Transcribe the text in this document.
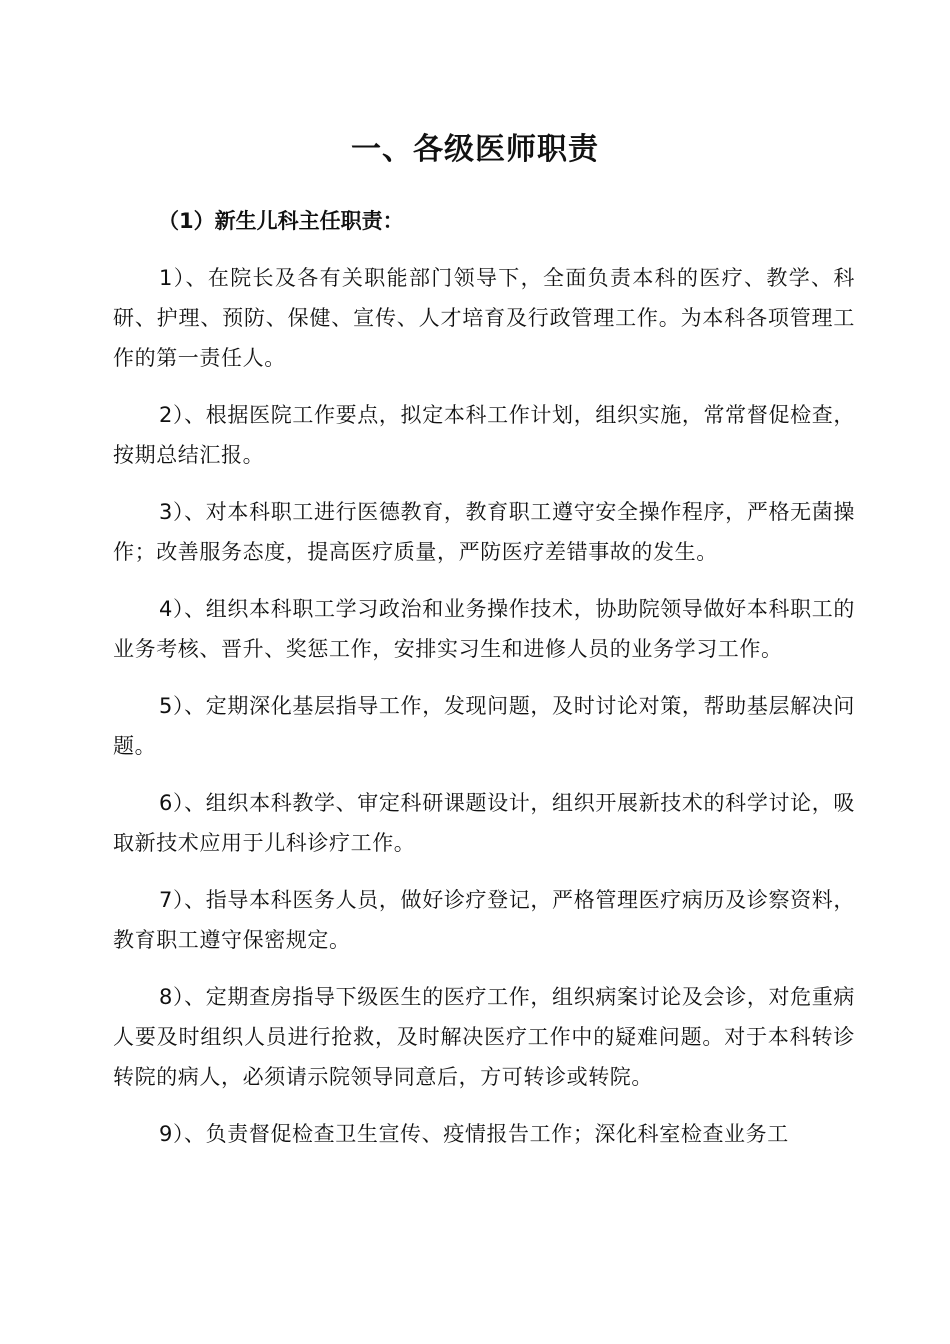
一、各级医师职责
（1）新生儿科主任职责：

1）、在院长及各有关职能部门领导下，全面负责本科的医疗、教学、科研、护理、预防、保健、宣传、人才培育及行政管理工作。为本科各项管理工作的第一责任人。

2）、根据医院工作要点，拟定本科工作计划，组织实施，常常督促检查，按期总结汇报。

3）、对本科职工进行医德教育，教育职工遵守安全操作程序，严格无菌操作；改善服务态度，提高医疗质量，严防医疗差错事故的发生。

4）、组织本科职工学习政治和业务操作技术，协助院领导做好本科职工的业务考核、晋升、奖惩工作，安排实习生和进修人员的业务学习工作。

5）、定期深化基层指导工作，发现问题，及时讨论对策，帮助基层解决问题。

6）、组织本科教学、审定科研课题设计，组织开展新技术的科学讨论，吸取新技术应用于儿科诊疗工作。

7）、指导本科医务人员，做好诊疗登记，严格管理医疗病历及诊察资料，教育职工遵守保密规定。

8）、定期查房指导下级医生的医疗工作，组织病案讨论及会诊，对危重病人要及时组织人员进行抢救，及时解决医疗工作中的疑难问题。对于本科转诊转院的病人，必须请示院领导同意后，方可转诊或转院。

9）、负责督促检查卫生宣传、疫情报告工作；深化科室检查业务工
